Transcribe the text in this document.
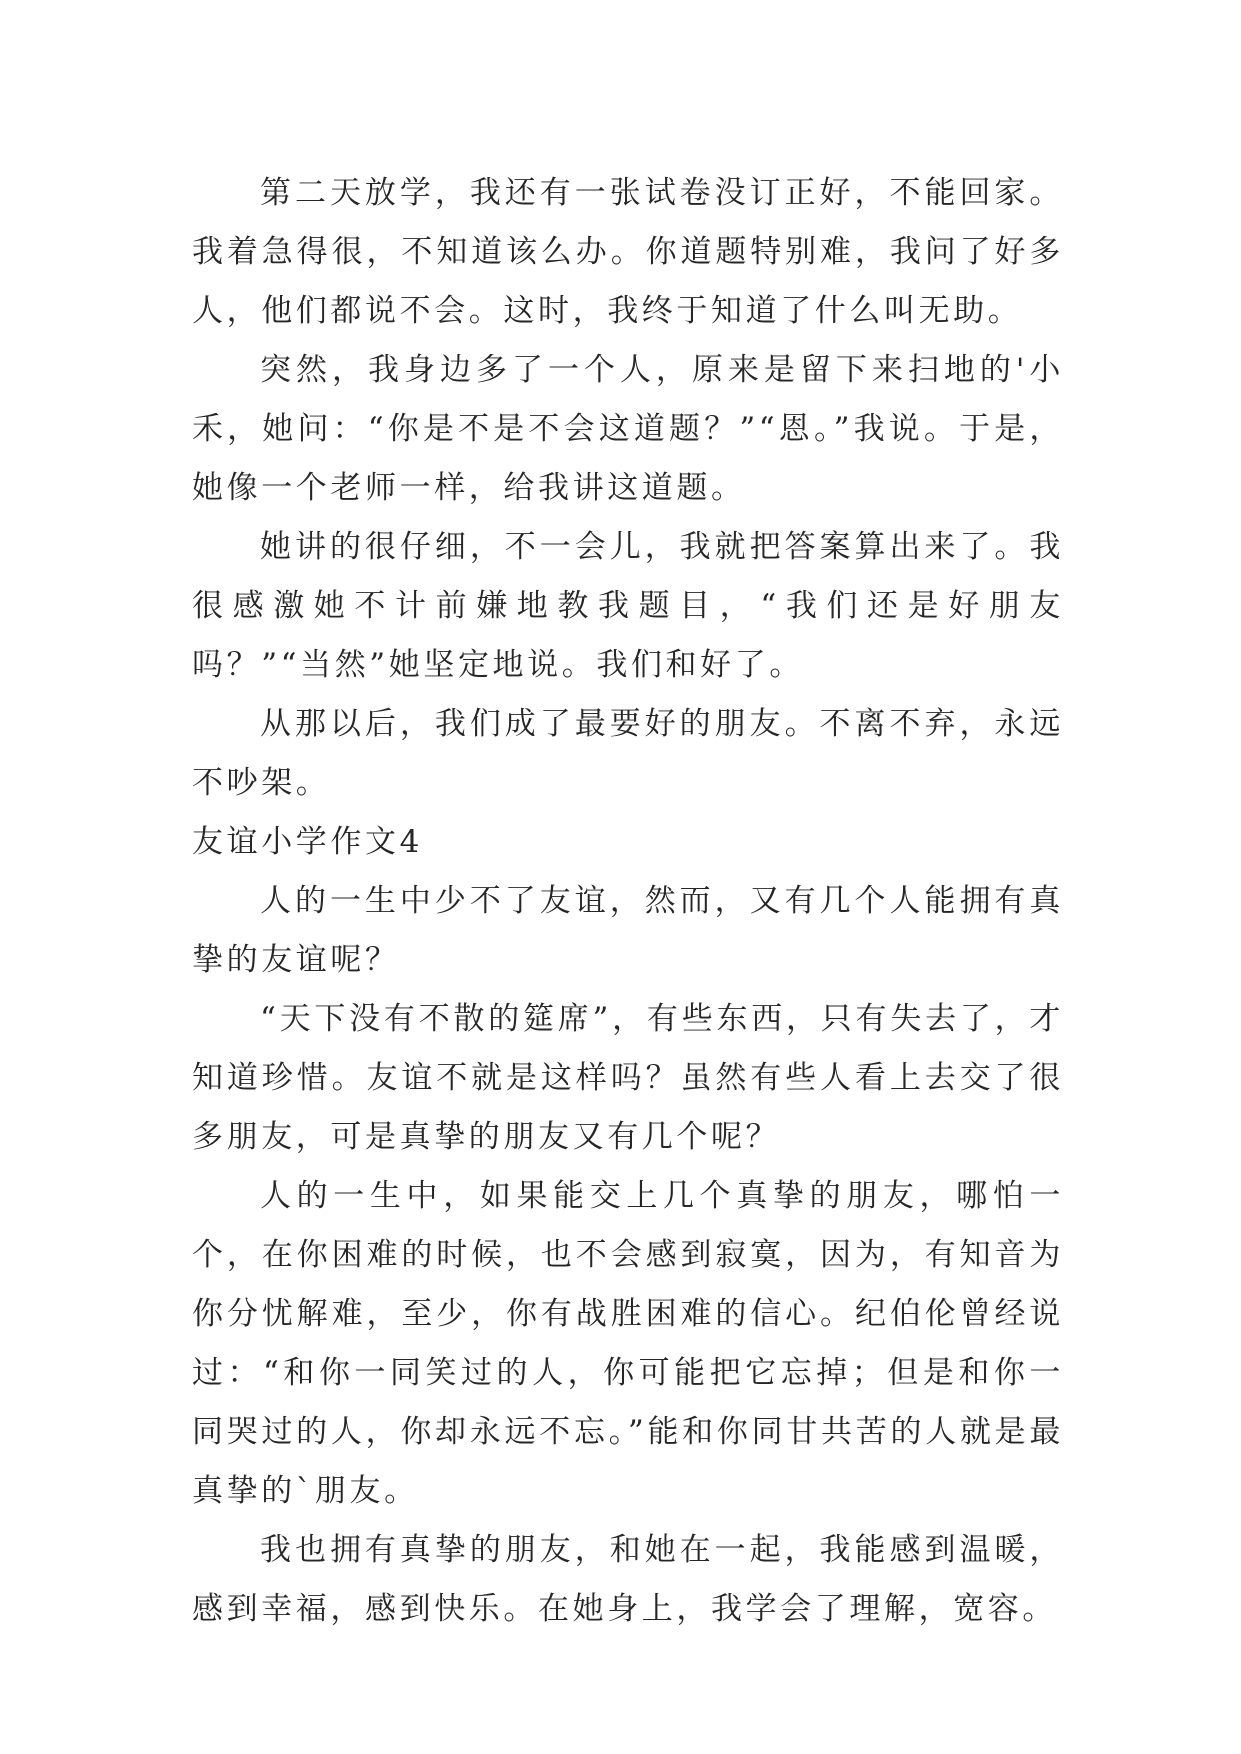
第二天放学，我还有一张试卷没订正好，不能回家。我着急得很，不知道该么办。你道题特别难，我问了好多人，他们都说不会。这时，我终于知道了什么叫无助。

突然，我身边多了一个人，原来是留下来扫地的'小禾，她问：“你是不是不会这道题？”“恩。”我说。于是，她像一个老师一样，给我讲这道题。

她讲的很仔细，不一会儿，我就把答案算出来了。我很感激她不计前嫌地教我题目，“我们还是好朋友吗？”“当然”她坚定地说。我们和好了。

从那以后，我们成了最要好的朋友。不离不弃，永远不吵架。

友谊小学作文4

人的一生中少不了友谊，然而，又有几个人能拥有真挚的友谊呢？

“天下没有不散的筵席”，有些东西，只有失去了，才知道珍惜。友谊不就是这样吗？虽然有些人看上去交了很多朋友，可是真挚的朋友又有几个呢？

人的一生中，如果能交上几个真挚的朋友，哪怕一个，在你困难的时候，也不会感到寂寞，因为，有知音为你分忧解难，至少，你有战胜困难的信心。纪伯伦曾经说过：“和你一同笑过的人，你可能把它忘掉；但是和你一同哭过的人，你却永远不忘。”能和你同甘共苦的人就是最真挚的`朋友。

我也拥有真挚的朋友，和她在一起，我能感到温暖，感到幸福，感到快乐。在她身上，我学会了理解，宽容。
